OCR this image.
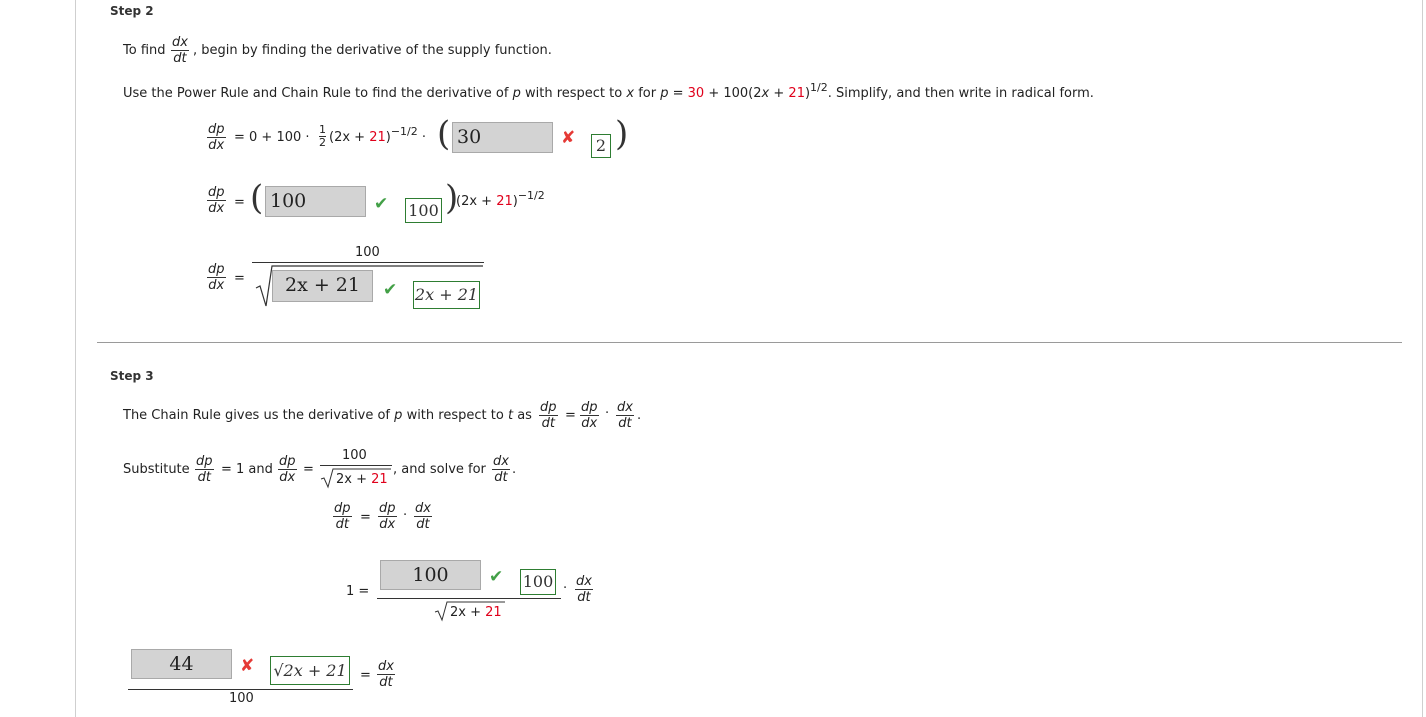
Step 2
To find $\frac{dx}{dt}$ , begin by finding the derivative of the supply function.
Use the Power Rule and Chain Rule to find the derivative of p with respect to x for $p = 30 + 100(2x + 21)^{1/2}$. Simplify, and then write in radical form.
$\frac{dp}{dx} = 0 + 100 \cdot \frac{1}{2} (2x + 21)^{-1/2}$ · ( 30	✘	2 )
$\frac{dp}{dx}$ = ( 100	✔ 100 )
$(2x + 21)^{-1/2}$
$\frac{dp}{dx}$ =
100
2x + 21	✔ 2x + 21
Step 3
The Chain Rule gives us the derivative of p with respect to t as $\frac{dp}{dt} = \frac{dp}{dx} \cdot \frac{dx}{dt}$ .
Substitute $\frac{dp}{dt} = 1$ and $\frac{dp}{dx}$ =
100
2x + 21
, and solve for $\frac{dx}{dt}$ .
$\frac{dp}{dt} = \frac{dp}{dx} \cdot \frac{dx}{dt}$
1 =
100	✔ 100
2x + 21
· $\frac{dx}{dt}$
44	✘ √2x + 21
100
= $\frac{dx}{dt}$
